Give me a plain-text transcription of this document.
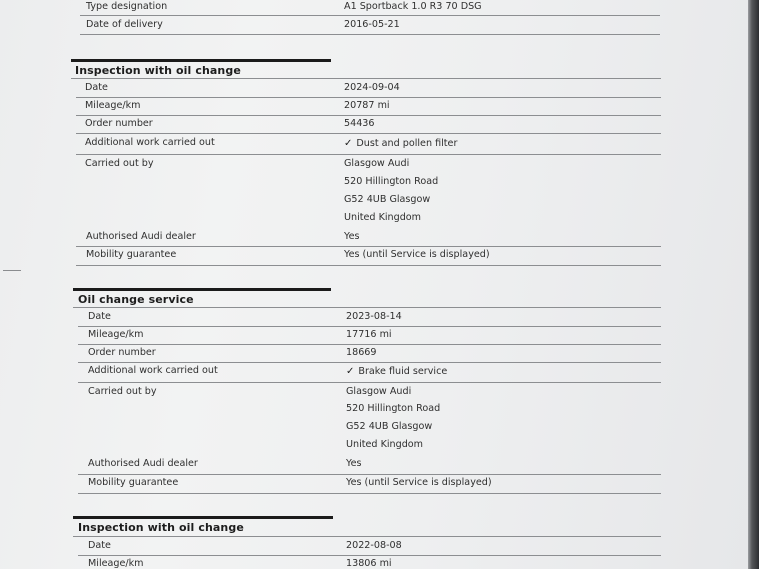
Type designation	A1 Sportback 1.0 R3 70 DSG
Date of delivery	2016-05-21
Inspection with oil change
Date	2024-09-04
Mileage/km	20787 mi
Order number	54436
Additional work carried out	✓ Dust and pollen filter
Carried out by	Glasgow Audi
520 Hillington Road
G52 4UB Glasgow
United Kingdom
Authorised Audi dealer	Yes
Mobility guarantee	Yes (until Service is displayed)
Oil change service
Date	2023-08-14
Mileage/km	17716 mi
Order number	18669
Additional work carried out	✓ Brake fluid service
Carried out by	Glasgow Audi
520 Hillington Road
G52 4UB Glasgow
United Kingdom
Authorised Audi dealer	Yes
Mobility guarantee	Yes (until Service is displayed)
Inspection with oil change
Date	2022-08-08
Mileage/km	13806 mi
